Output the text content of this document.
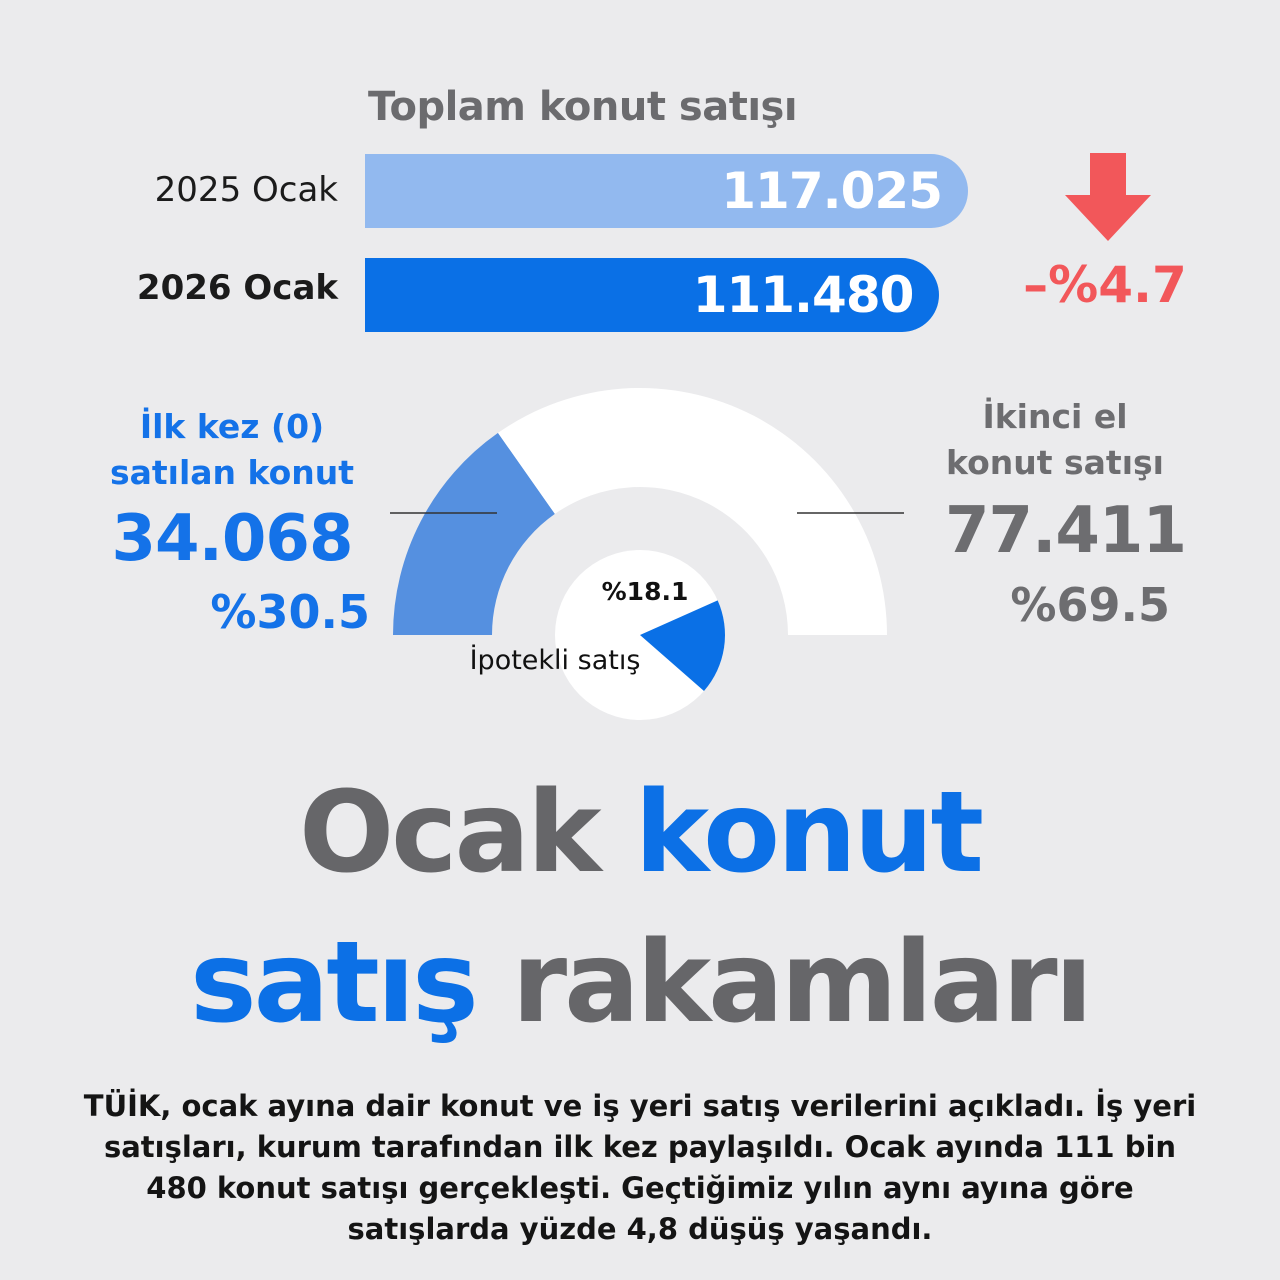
Toplam konut satışı
2025 Ocak	117.025
2026 Ocak	111.480	–%4.7
İlk kez (0)
satılan konut
34.068
%30.5
İkinci el
konut satışı
77.411
%69.5
%18.1
İpotekli satış
Ocak konut
satış rakamları
TÜİK, ocak ayına dair konut ve iş yeri satış verilerini açıkladı. İş yeri satışları, kurum tarafından ilk kez paylaşıldı. Ocak ayında 111 bin 480 konut satışı gerçekleşti. Geçtiğimiz yılın aynı ayına göre satışlarda yüzde 4,8 düşüş yaşandı.
